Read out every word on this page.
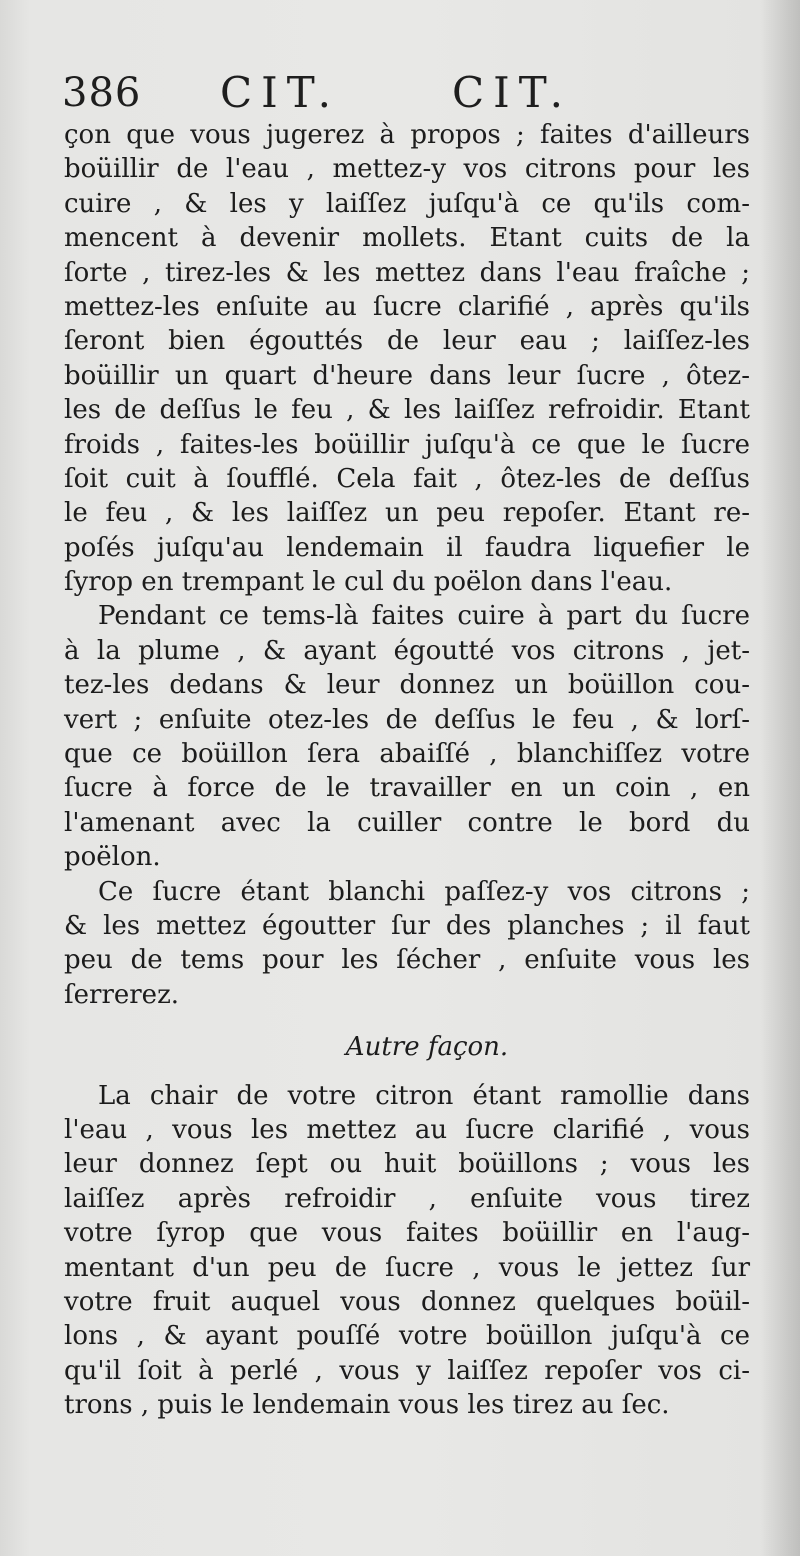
386 CIT.	CIT.
çon que vous jugerez à propos ; faites d'ailleurs
boüillir de l'eau , mettez-y vos citrons pour les
cuire , & les y laiſſez juſqu'à ce qu'ils com-
mencent à devenir mollets. Etant cuits de la
ſorte , tirez-les & les mettez dans l'eau fraîche ;
mettez-les enſuite au ſucre clarifié , après qu'ils
ſeront bien égouttés de leur eau ; laiſſez-les
boüillir un quart d'heure dans leur ſucre , ôtez-
les de deſſus le feu , & les laiſſez refroidir. Etant
froids , faites-les boüillir juſqu'à ce que le ſucre
ſoit cuit à ſoufflé. Cela fait , ôtez-les de deſſus
le feu , & les laiſſez un peu repoſer. Etant re-
poſés juſqu'au lendemain il faudra liquefier le
ſyrop en trempant le cul du poëlon dans l'eau.
Pendant ce tems-là faites cuire à part du ſucre
à la plume , & ayant égoutté vos citrons , jet-
tez-les dedans & leur donnez un boüillon cou-
vert ; enſuite otez-les de deſſus le feu , & lorſ-
que ce boüillon ſera abaiſſé , blanchiſſez votre
ſucre à force de le travailler en un coin , en
l'amenant avec la cuiller contre le bord du
poëlon.
Ce ſucre étant blanchi paſſez-y vos citrons ;
& les mettez égoutter ſur des planches ; il faut
peu de tems pour les ſécher , enſuite vous les
ſerrerez.
Autre façon.
La chair de votre citron étant ramollie dans
l'eau , vous les mettez au ſucre clarifié , vous
leur donnez ſept ou huit boüillons ; vous les
laiſſez après refroidir , enſuite vous tirez
votre ſyrop que vous faites boüillir en l'aug-
mentant d'un peu de ſucre , vous le jettez ſur
votre fruit auquel vous donnez quelques boüil-
lons , & ayant pouſſé votre boüillon juſqu'à ce
qu'il ſoit à perlé , vous y laiſſez repoſer vos ci-
trons , puis le lendemain vous les tirez au ſec.
